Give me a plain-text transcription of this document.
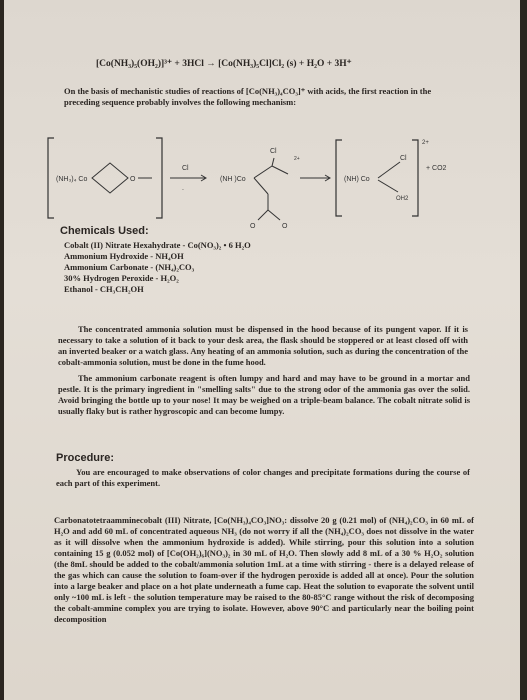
[Co(NH₃)₅(OH₂)]³⁺ + 3HCl → [Co(NH₃)₅Cl]Cl₂ (s) + H₂O + 3H⁺
On the basis of mechanistic studies of reactions of [Co(NH₃)₄CO₃]⁺ with acids, the first reaction in the preceding sequence probably involves the following mechanism:
(NH₃)₄ Co	O
Cl
.
(NH )Co
Cl
O	O
2+
(NH) Co
Cl
OH2
2+
+ CO2
Chemicals Used:
Cobalt (II) Nitrate Hexahydrate - Co(NO₃)₂ • 6 H₂O
Ammonium Hydroxide - NH₄OH
Ammonium Carbonate - (NH₄)₂CO₃
30% Hydrogen Peroxide - H₂O₂
Ethanol - CH₃CH₂OH
The concentrated ammonia solution must be dispensed in the hood because of its pungent vapor. If it is necessary to take a solution of it back to your desk area, the flask should be stoppered or at least closed off with an inverted beaker or a watch glass. Any heating of an ammonia solution, such as during the concentration of the cobalt-ammonia solution, must be done in the fume hood.
The ammonium carbonate reagent is often lumpy and hard and may have to be ground in a mortar and pestle. It is the primary ingredient in "smelling salts" due to the strong odor of the ammonia gas over the solid. Avoid bringing the bottle up to your nose! It may be weighed on a triple-beam balance. The cobalt nitrate solid is usually flaky but is rather hygroscopic and can become lumpy.
Procedure:
You are encouraged to make observations of color changes and precipitate formations during the course of each part of this experiment.
Carbonatotetraamminecobalt (III) Nitrate, [Co(NH₃)₄CO₃]NO₃: dissolve 20 g (0.21 mol) of (NH₄)₂CO₃ in 60 mL of H₂O and add 60 mL of concentrated aqueous NH₃ (do not worry if all the (NH₄)₂CO₃ does not dissolve in the water as it will dissolve when the ammonium hydroxide is added). While stirring, pour this solution into a solution containing 15 g (0.052 mol) of [Co(OH₂)₆](NO₃)₂ in 30 mL of H₂O. Then slowly add 8 mL of a 30 % H₂O₂ solution (the 8mL should be added to the cobalt/ammonia solution 1mL at a time with stirring - there is a delayed release of the gas which can cause the solution to foam-over if the hydrogen peroxide is added all at once). Pour the solution into a large beaker and place on a hot plate underneath a fume cap. Heat the solution to evaporate the solvent until only ~100 mL is left - the solution temperature may be raised to the 80-85°C range without the risk of decomposing the cobalt-ammine complex you are trying to isolate. However, above 90°C and particularly near the boiling point decomposition
